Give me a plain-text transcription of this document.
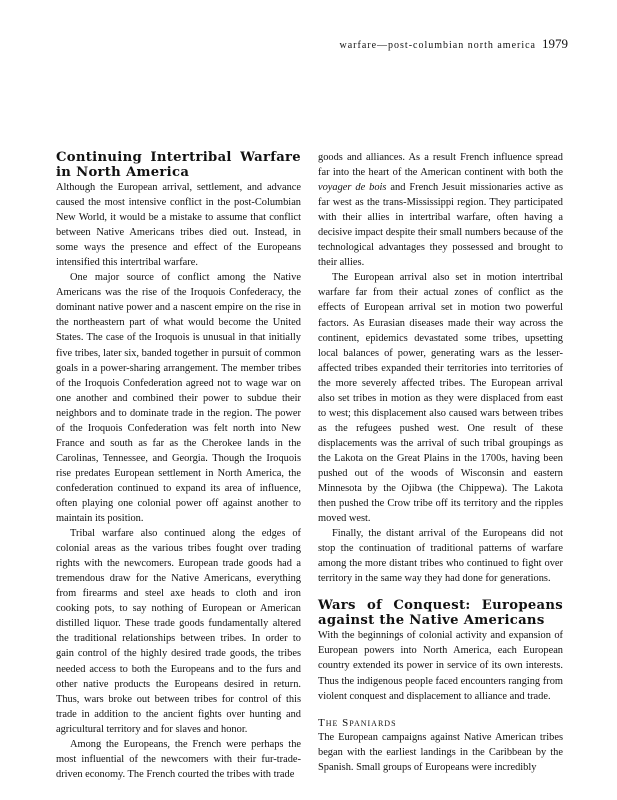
warfare—post-columbian north america 1979
Continuing Intertribal Warfare in North America

Although the European arrival, settlement, and advance caused the most intensive conflict in the post-Columbian New World, it would be a mistake to assume that conflict between Native Americans tribes died out. Instead, in some ways the presence and effect of the Europeans intensified this intertribal warfare.

One major source of conflict among the Native Americans was the rise of the Iroquois Confederacy, the dominant native power and a nascent empire on the rise in the northeastern part of what would become the United States. The case of the Iroquois is unusual in that initially five tribes, later six, banded together in pursuit of common goals in a power-sharing arrangement. The member tribes of the Iroquois Confederation agreed not to wage war on one another and combined their power to subdue their neighbors and to dominate trade in the region. The power of the Iroquois Confederation was felt north into New France and south as far as the Cherokee lands in the Carolinas, Tennessee, and Georgia. Though the Iroquois rise predates European settlement in North America, the confederation continued to expand its area of influence, often playing one colonial power off against another to maintain its position.

Tribal warfare also continued along the edges of colonial areas as the various tribes fought over trading rights with the newcomers. European trade goods had a tremendous draw for the Native Americans, everything from firearms and steel axe heads to cloth and iron cooking pots, to say nothing of European or American distilled liquor. These trade goods fundamentally altered the traditional relationships between tribes. In order to gain control of the highly desired trade goods, the tribes needed access to both the Europeans and to the furs and other native products the Europeans desired in return. Thus, wars broke out between tribes for control of this trade in addition to the ancient fights over hunting and agricultural territory and for slaves and honor.

Among the Europeans, the French were perhaps the most influential of the newcomers with their fur-trade-driven economy. The French courted the tribes with trade

goods and alliances. As a result French influence spread far into the heart of the American continent with both the voyager de bois and French Jesuit missionaries active as far west as the trans-Mississippi region. They participated with their allies in intertribal warfare, often having a decisive impact despite their small numbers because of the technological advantages they possessed and brought to their allies.

The European arrival also set in motion intertribal warfare far from their actual zones of conflict as the effects of European arrival set in motion two powerful factors. As Eurasian diseases made their way across the continent, epidemics devastated some tribes, upsetting local balances of power, generating wars as the lesser-affected tribes expanded their territories into territories of the more severely affected tribes. The European arrival also set tribes in motion as they were displaced from east to west; this displacement also caused wars between tribes as the refugees pushed west. One result of these displacements was the arrival of such tribal groupings as the Lakota on the Great Plains in the 1700s, having been pushed out of the woods of Wisconsin and eastern Minnesota by the Ojibwa (the Chippewa). The Lakota then pushed the Crow tribe off its territory and the ripples moved west.

Finally, the distant arrival of the Europeans did not stop the continuation of traditional patterns of warfare among the more distant tribes who continued to fight over territory in the same way they had done for generations.

Wars of Conquest: Europeans against the Native Americans

With the beginnings of colonial activity and expansion of European powers into North America, each European country extended its power in service of its own interests. Thus the indigenous people faced encounters ranging from violent conquest and displacement to alliance and trade.

The Spaniards

The European campaigns against Native American tribes began with the earliest landings in the Caribbean by the Spanish. Small groups of Europeans were incredibly
